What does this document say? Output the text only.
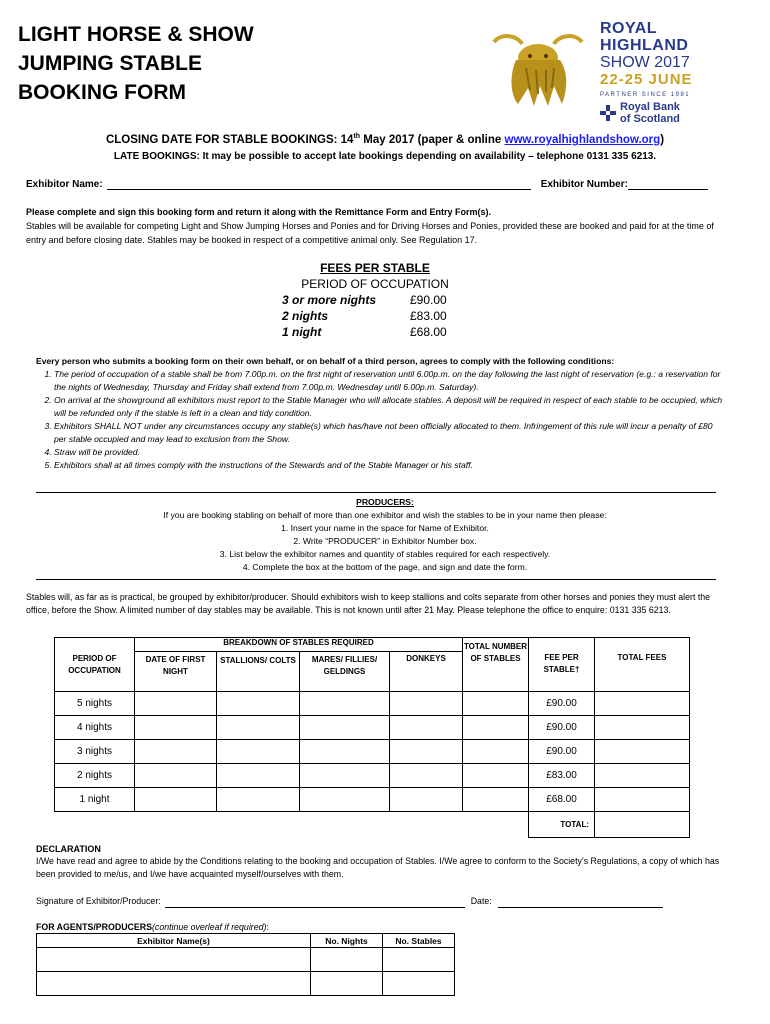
LIGHT HORSE & SHOW
JUMPING STABLE
BOOKING FORM
ROYAL
HIGHLAND
SHOW 2017
22-25 JUNE
PARTNER SINCE 1981
Royal Bank
of Scotland
CLOSING DATE FOR STABLE BOOKINGS: 14th May 2017 (paper & online www.royalhighlandshow.org)
LATE BOOKINGS: It may be possible to accept late bookings depending on availability – telephone 0131 335 6213.
Exhibitor Name:	Exhibitor Number:
Please complete and sign this booking form and return it along with the Remittance Form and Entry Form(s).
Stables will be available for competing Light and Show Jumping Horses and Ponies and for Driving Horses and Ponies, provided these are booked and paid for at the time of entry and before closing date. Stables may be booked in respect of a competitive animal only. See Regulation 17.
FEES PER STABLE
PERIOD OF OCCUPATION
3 or more nights	£90.00
2 nights	£83.00
1 night	£68.00
Every person who submits a booking form on their own behalf, or on behalf of a third person, agrees to comply with the following conditions:
1. The period of occupation of a stable shall be from 7.00p.m. on the first night of reservation until 6.00p.m. on the day following the last night of reservation (e.g.: a reservation for the nights of Wednesday, Thursday and Friday shall extend from 7.00p.m. Wednesday until 6.00p.m. Saturday).
2. On arrival at the showground all exhibitors must report to the Stable Manager who will allocate stables. A deposit will be required in respect of each stable to be occupied, which will be refunded only if the stable is left in a clean and tidy condition.
3. Exhibitors SHALL NOT under any circumstances occupy any stable(s) which has/have not been officially allocated to them. Infringement of this rule will incur a penalty of £80 per stable occupied and may lead to exclusion from the Show.
4. Straw will be provided.
5. Exhibitors shall at all times comply with the instructions of the Stewards and of the Stable Manager or his staff.
PRODUCERS:
If you are booking stabling on behalf of more than one exhibitor and wish the stables to be in your name then please:
1. Insert your name in the space for Name of Exhibitor.
2. Write “PRODUCER” in Exhibitor Number box.
3. List below the exhibitor names and quantity of stables required for each respectively.
4. Complete the box at the bottom of the page, and sign and date the form.
Stables will, as far as is practical, be grouped by exhibitor/producer. Should exhibitors wish to keep stallions and colts separate from other horses and ponies they must alert the office, before the Show. A limited number of day stables may be available. This is not known until after 21 May. Please telephone the office to enquire: 0131 335 6213.
PERIOD OF OCCUPATION	BREAKDOWN OF STABLES REQUIRED				TOTAL NUMBER OF STABLES	FEE PER STABLE†	TOTAL FEES
	DATE OF FIRST NIGHT	STALLIONS/ COLTS	MARES/ FILLIES/ GELDINGS	DONKEYS			
5 nights						£90.00	
4 nights						£90.00	
3 nights						£90.00	
2 nights						£83.00	
1 night						£68.00	
						TOTAL:	
DECLARATION
I/We have read and agree to abide by the Conditions relating to the booking and occupation of Stables. I/We agree to conform to the Society’s Regulations, a copy of which has been provided to me/us, and I/we have acquainted myself/ourselves with them.
Signature of Exhibitor/Producer:	Date:
FOR AGENTS/PRODUCERS(continue overleaf if required):
Exhibitor Name(s)	No. Nights	No. Stables
